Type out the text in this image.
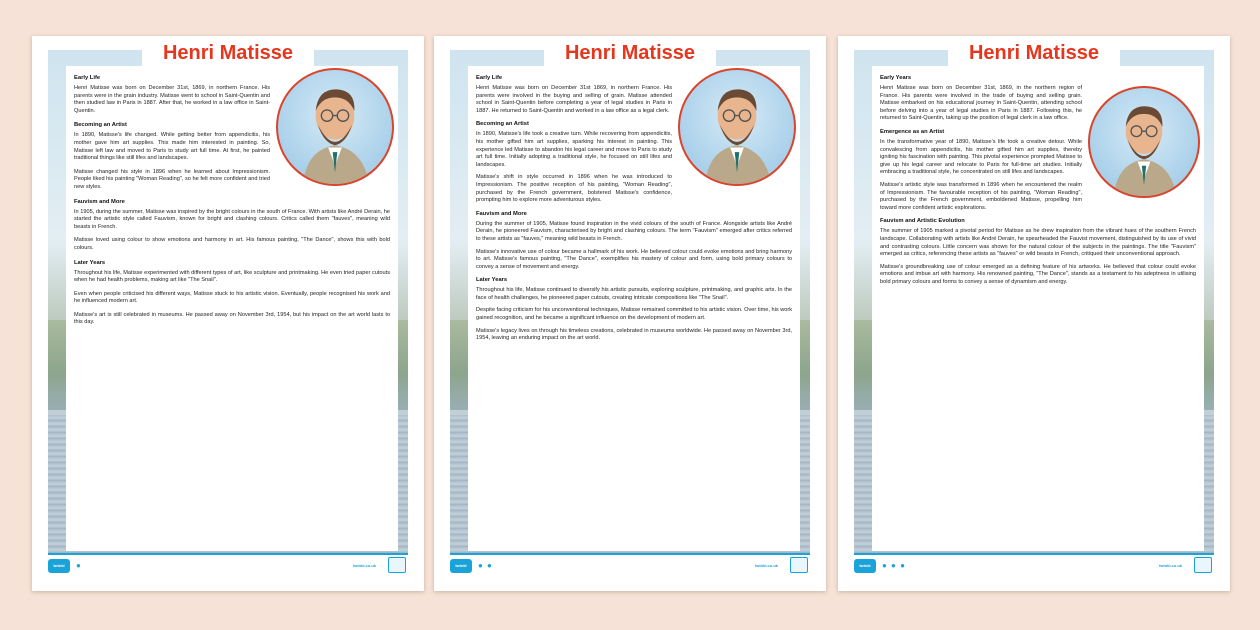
Henri Matisse
Early Life

Henri Matisse was born on December 31st, 1869, in northern France. His parents were in the grain industry. Matisse went to school in Saint-Quentin and then studied law in Paris in 1887. After that, he worked in a law office in Saint-Quentin.

Becoming an Artist

In 1890, Matisse's life changed. While getting better from appendicitis, his mother gave him art supplies. This made him interested in painting. So, Matisse left law and moved to Paris to study art full time. At first, he painted traditional things like still lifes and landscapes.

Matisse changed his style in 1896 when he learned about Impressionism. People liked his painting "Woman Reading", so he felt more confident and tried new styles.

Fauvism and More

In 1905, during the summer, Matisse was inspired by the bright colours in the south of France. With artists like André Derain, he started the artistic style called Fauvism, known for bright and clashing colours. Critics called them "fauves", meaning wild beasts in French.

Matisse loved using colour to show emotions and harmony in art. His famous painting, "The Dance", shows this with bold colours.

Later Years

Throughout his life, Matisse experimented with different types of art, like sculpture and printmaking. He even tried paper cutouts when he had health problems, making art like "The Snail".

Even when people criticised his different ways, Matisse stuck to his artistic vision. Eventually, people recognised his work and he influenced modern art.

Matisse's art is still celebrated in museums. He passed away on November 3rd, 1954, but his impact on the art world lasts to this day.

twinkl	●	twinkl.co.uk
Henri Matisse
Early Life

Henri Matisse was born on December 31st 1869, in northern France. His parents were involved in the buying and selling of grain. Matisse attended school in Saint-Quentin before completing a year of legal studies in Paris in 1887. He returned to Saint-Quentin and worked in a law office as a legal clerk.

Becoming an Artist

In 1890, Matisse's life took a creative turn. While recovering from appendicitis, his mother gifted him art supplies, sparking his interest in painting. This experience led Matisse to abandon his legal career and move to Paris to study art full time. Initially adopting a traditional style, he focused on still lifes and landscapes.

Matisse's shift in style occurred in 1896 when he was introduced to Impressionism. The positive reception of his painting, "Woman Reading", purchased by the French government, bolstered Matisse's confidence, prompting him to explore more adventurous styles.

Fauvism and More

During the summer of 1905, Matisse found inspiration in the vivid colours of the south of France. Alongside artists like André Derain, he pioneered Fauvism, characterised by bright and clashing colours. The term "Fauvism" emerged after critics referred to these artists as "fauves," meaning wild beasts in French.

Matisse's innovative use of colour became a hallmark of his work. He believed colour could evoke emotions and bring harmony to art. Matisse's famous painting, "The Dance", exemplifies his mastery of colour and form, using bold primary colours to convey a sense of movement and energy.

Later Years

Throughout his life, Matisse continued to diversify his artistic pursuits, exploring sculpture, printmaking, and graphic arts. In the face of health challenges, he pioneered paper cutouts, creating intricate compositions like "The Snail".

Despite facing criticism for his unconventional techniques, Matisse remained committed to his artistic vision. Over time, his work gained recognition, and he became a significant influence on the development of modern art.

Matisse's legacy lives on through his timeless creations, celebrated in museums worldwide. He passed away on November 3rd, 1954, leaving an enduring impact on the art world.

twinkl	● ●	twinkl.co.uk
Henri Matisse
Early Years

Henri Matisse was born on December 31st, 1869, in the northern region of France. His parents were involved in the trade of buying and selling grain. Matisse embarked on his educational journey in Saint-Quentin, attending school before delving into a year of legal studies in Paris in 1887. Following this, he returned to Saint-Quentin, taking up the position of legal clerk in a law office.

Emergence as an Artist

In the transformative year of 1890, Matisse's life took a creative detour. While convalescing from appendicitis, his mother gifted him art supplies, thereby igniting his fascination with painting. This pivotal experience prompted Matisse to give up his legal career and relocate to Paris for full-time art studies. Initially embracing a traditional style, he concentrated on still lifes and landscapes.

Matisse's artistic style was transformed in 1896 when he encountered the realm of Impressionism. The favourable reception of his painting, "Woman Reading", purchased by the French government, emboldened Matisse, propelling him toward more confident artistic explorations.

Fauvism and Artistic Evolution

The summer of 1905 marked a pivotal period for Matisse as he drew inspiration from the vibrant hues of the southern French landscape. Collaborating with artists like André Derain, he spearheaded the Fauvist movement, distinguished by its use of vivid and contrasting colours. Little concern was shown for the natural colour of the subjects in the paintings. The title "Fauvism" emerged as critics, referencing these artists as "fauves" or wild beasts in French, critiqued their unconventional approach.

Matisse's groundbreaking use of colour emerged as a defining feature of his artworks. He believed that colour could evoke emotions and imbue art with harmony. His renowned painting, "The Dance", stands as a testament to his adeptness in utilising bold primary colours and forms to convey a sense of dynamism and energy.

twinkl	● ● ●	twinkl.co.uk
